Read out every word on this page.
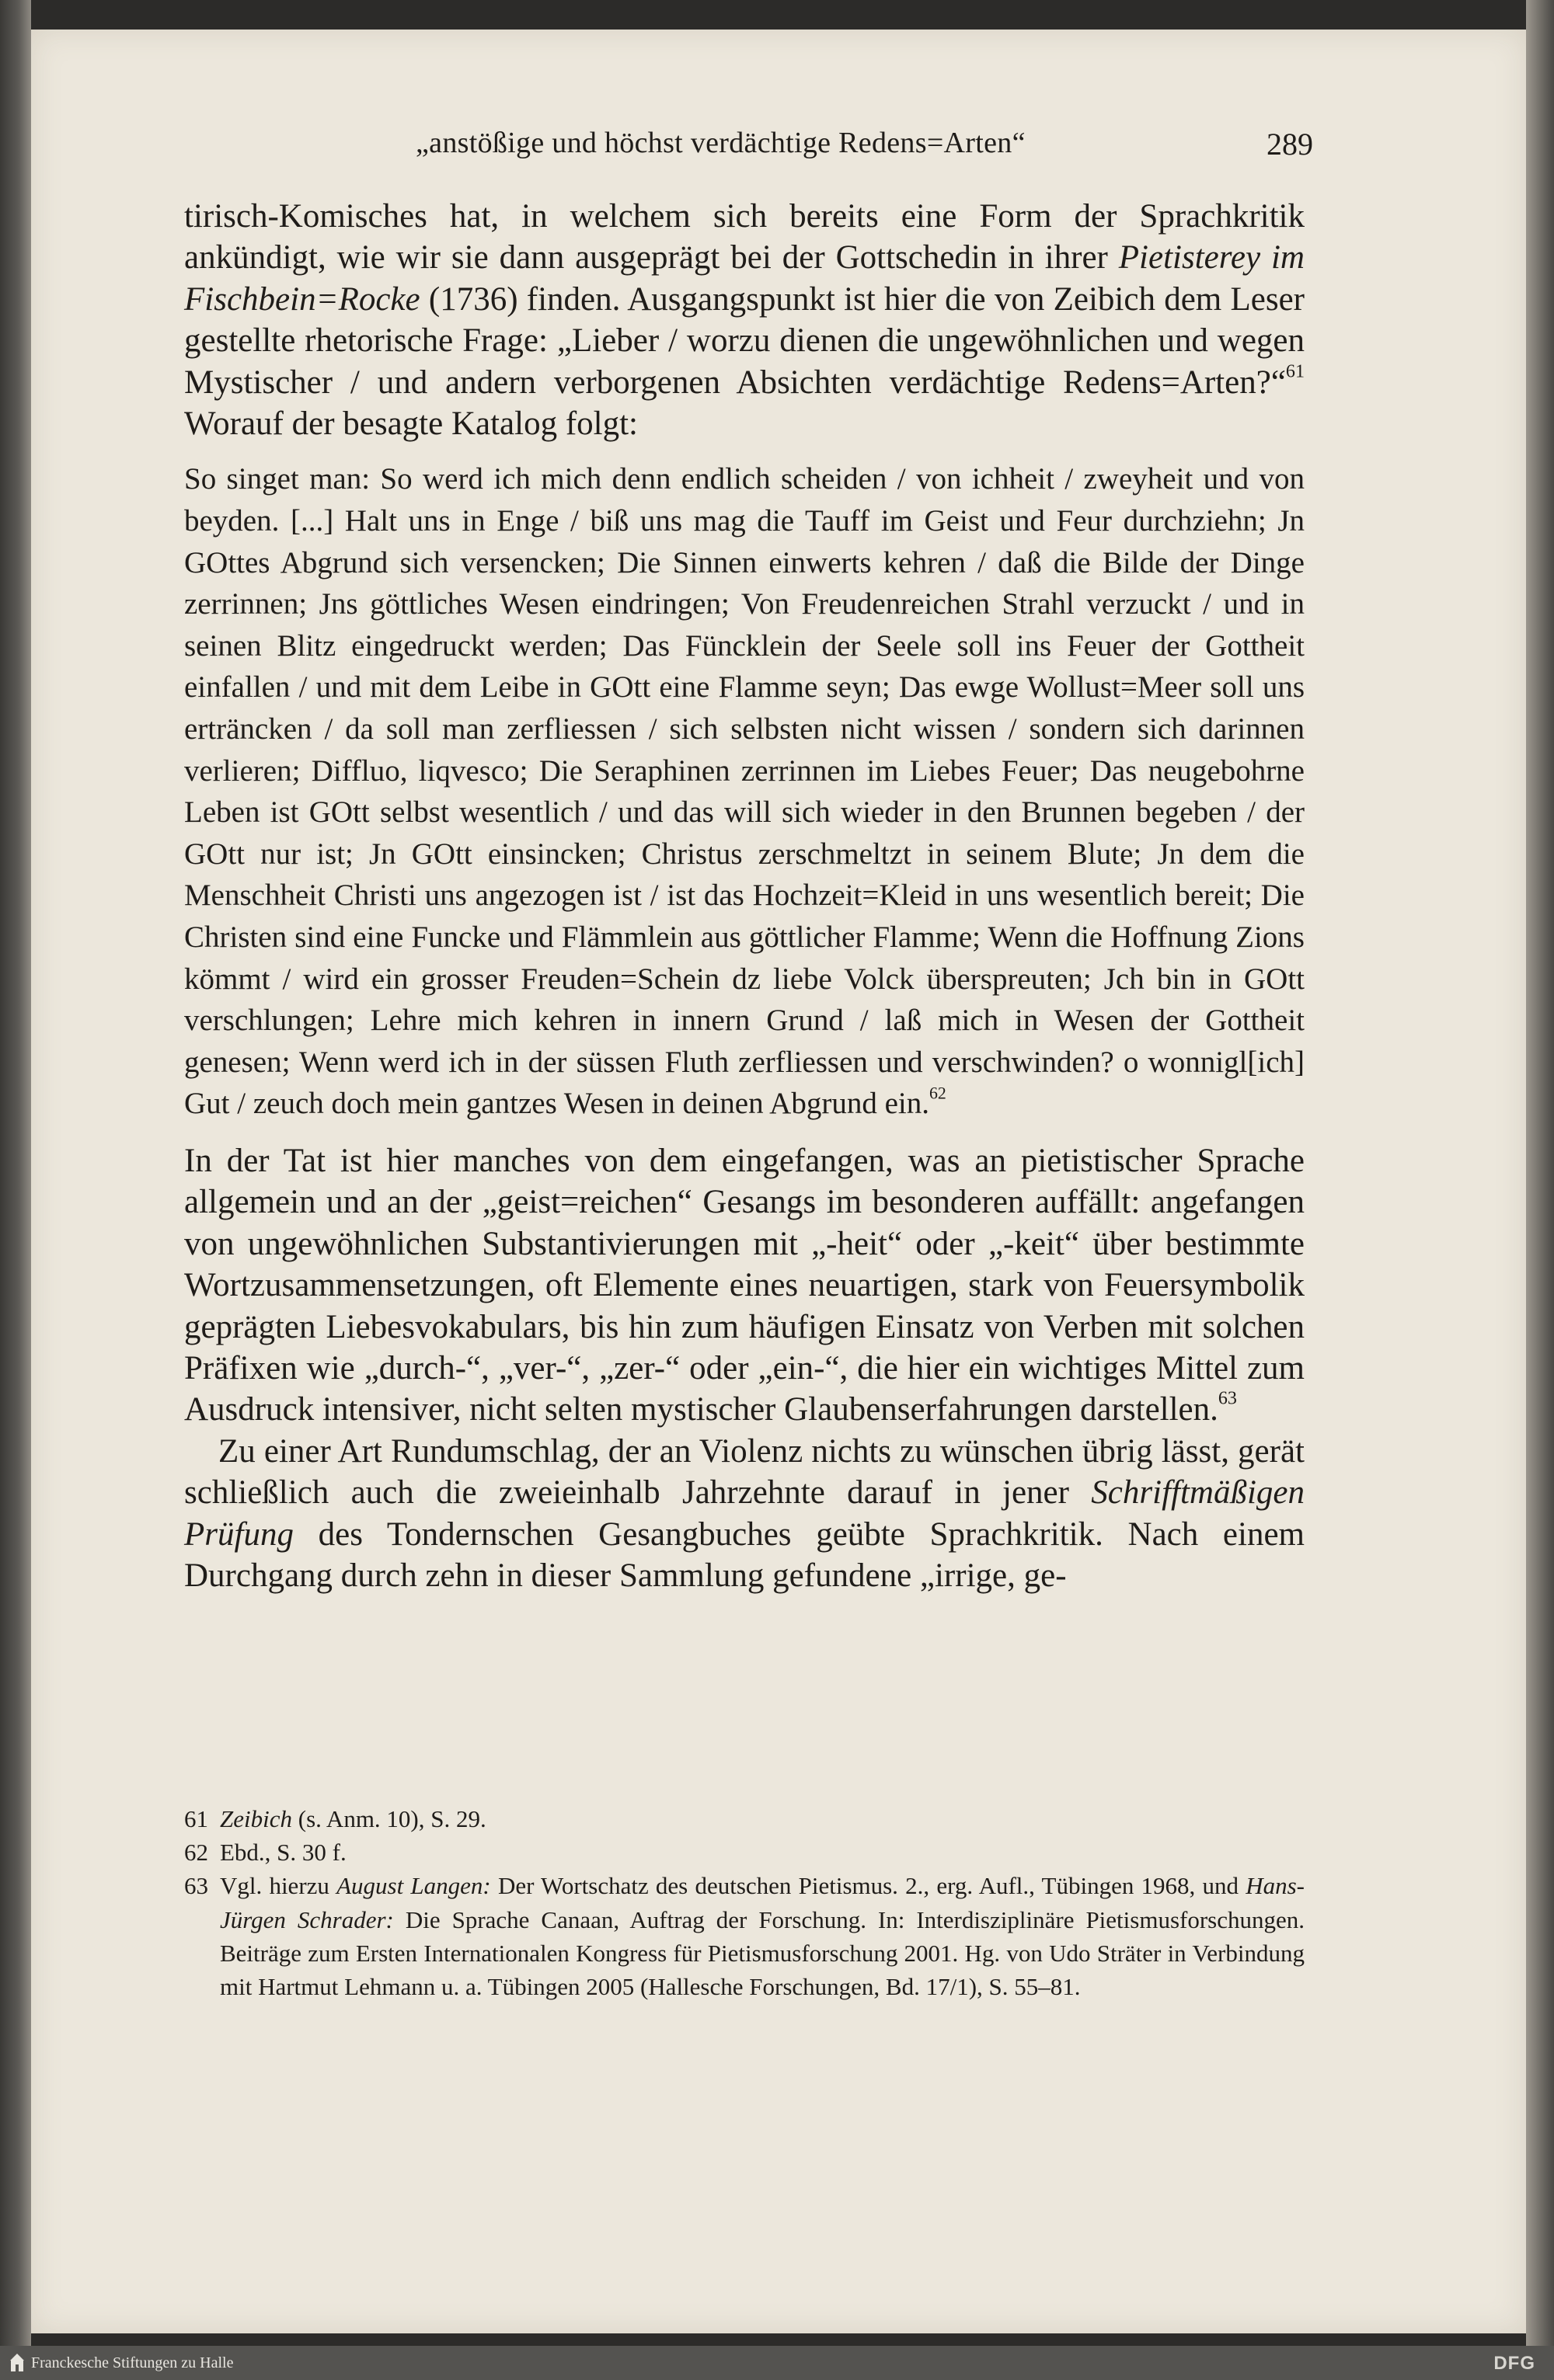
„anstößige und höchst verdächtige Redens=Arten“	289

tirisch-Komisches hat, in welchem sich bereits eine Form der Sprachkritik ankündigt, wie wir sie dann ausgeprägt bei der Gottschedin in ihrer Pietisterey im Fischbein=Rocke (1736) finden. Ausgangspunkt ist hier die von Zeibich dem Leser gestellte rhetorische Frage: „Lieber / worzu dienen die ungewöhnlichen und wegen Mystischer / und andern verborgenen Absichten verdächtige Redens=Arten?“$^{61}$ Worauf der besagte Katalog folgt:

So singet man: So werd ich mich denn endlich scheiden / von ichheit / zweyheit und von beyden. [...] Halt uns in Enge / biß uns mag die Tauff im Geist und Feur durchziehn; Jn GOttes Abgrund sich versencken; Die Sinnen einwerts kehren / daß die Bilde der Dinge zerrinnen; Jns göttliches Wesen eindringen; Von Freudenreichen Strahl verzuckt / und in seinen Blitz eingedruckt werden; Das Füncklein der Seele soll ins Feuer der Gottheit einfallen / und mit dem Leibe in GOtt eine Flamme seyn; Das ewge Wollust=Meer soll uns erträncken / da soll man zerfliessen / sich selbsten nicht wissen / sondern sich darinnen verlieren; Diffluo, liqvesco; Die Seraphinen zerrinnen im Liebes Feuer; Das neugebohrne Leben ist GOtt selbst wesentlich / und das will sich wieder in den Brunnen begeben / der GOtt nur ist; Jn GOtt einsincken; Christus zerschmeltzt in seinem Blute; Jn dem die Menschheit Christi uns angezogen ist / ist das Hochzeit=Kleid in uns wesentlich bereit; Die Christen sind eine Funcke und Flämmlein aus göttlicher Flamme; Wenn die Hoffnung Zions kömmt / wird ein grosser Freuden=Schein dz liebe Volck überspreuten; Jch bin in GOtt verschlungen; Lehre mich kehren in innern Grund / laß mich in Wesen der Gottheit genesen; Wenn werd ich in der süssen Fluth zerfliessen und verschwinden? o wonnigl[ich] Gut / zeuch doch mein gantzes Wesen in deinen Abgrund ein.$^{62}$

In der Tat ist hier manches von dem eingefangen, was an pietistischer Sprache allgemein und an der „geist=reichen“ Gesangs im besonderen auffällt: angefangen von ungewöhnlichen Substantivierungen mit „-heit“ oder „-keit“ über bestimmte Wortzusammensetzungen, oft Elemente eines neuartigen, stark von Feuersymbolik geprägten Liebesvokabulars, bis hin zum häufigen Einsatz von Verben mit solchen Präfixen wie „durch-“, „ver-“, „zer-“ oder „ein-“, die hier ein wichtiges Mittel zum Ausdruck intensiver, nicht selten mystischer Glaubenserfahrungen darstellen.$^{63}$

Zu einer Art Rundumschlag, der an Violenz nichts zu wünschen übrig lässt, gerät schließlich auch die zweieinhalb Jahrzehnte darauf in jener Schrifftmäßigen Prüfung des Tondernschen Gesangbuches geübte Sprachkritik. Nach einem Durchgang durch zehn in dieser Sammlung gefundene „irrige, ge-

61 Zeibich (s. Anm. 10), S. 29.
62 Ebd., S. 30 f.
63 Vgl. hierzu August Langen: Der Wortschatz des deutschen Pietismus. 2., erg. Aufl., Tübingen 1968, und Hans-Jürgen Schrader: Die Sprache Canaan, Auftrag der Forschung. In: Interdisziplinäre Pietismusforschungen. Beiträge zum Ersten Internationalen Kongress für Pietismusforschung 2001. Hg. von Udo Sträter in Verbindung mit Hartmut Lehmann u. a. Tübingen 2005 (Hallesche Forschungen, Bd. 17/1), S. 55–81.
Franckesche Stiftungen zu Halle	DFG
